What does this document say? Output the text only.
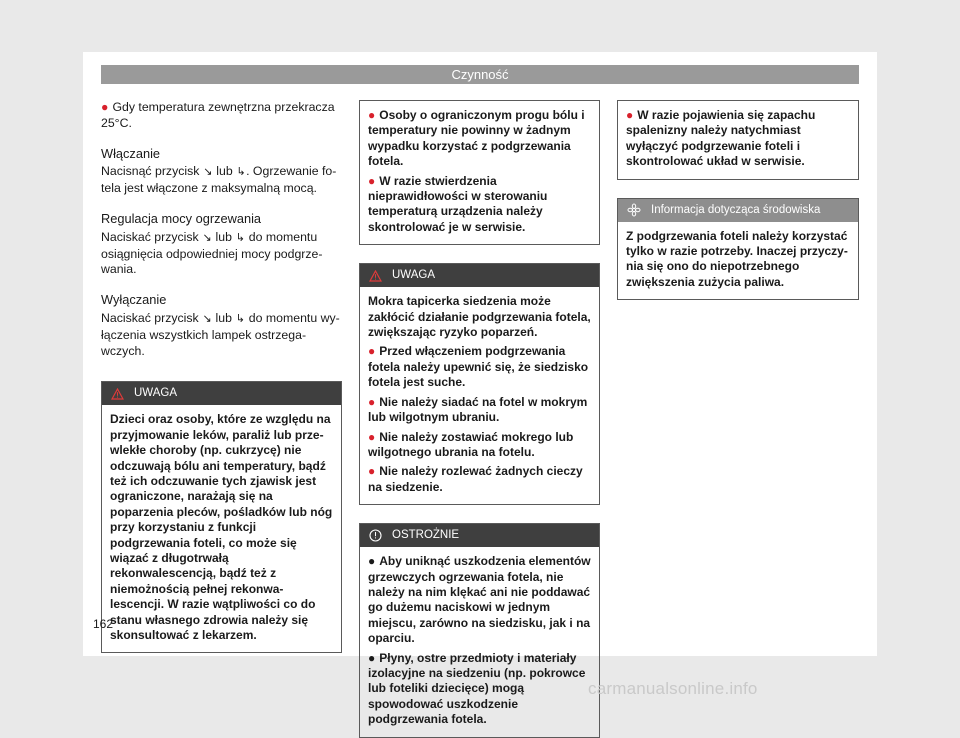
Czynność

● Gdy temperatura zewnętrzna przekracza 25°C.

Włączanie

Nacisnąć przycisk ↘ lub ↳. Ogrzewanie fotela jest włączone z maksymalną mocą.

Regulacja mocy ogrzewania

Naciskać przycisk ↘ lub ↳ do momentu osiągnięcia odpowiedniej mocy podgrzewania.

Wyłączanie

Naciskać przycisk ↘ lub ↳ do momentu wyłączenia wszystkich lampek ostrzegawczych.

UWAGA

Dzieci oraz osoby, które ze względu na przyjmowanie leków, paraliż lub przewlekłe choroby (np. cukrzycę) nie odczuwają bólu ani temperatury, bądź też ich odczuwanie tych zjawisk jest ograniczone, narażają się na poparzenia pleców, pośladków lub nóg przy korzystaniu z funkcji podgrzewania foteli, co może się wiązać z długotrwałą rekonwalescencją, bądź też z niemożnością pełnej rekonwalescencji. W razie wątpliwości co do stanu własnego zdrowia należy się skonsultować z lekarzem.

● Osoby o ograniczonym progu bólu i temperatury nie powinny w żadnym wypadku korzystać z podgrzewania fotela.

● W razie stwierdzenia nieprawidłowości w sterowaniu temperaturą urządzenia należy skontrolować je w serwisie.

UWAGA

Mokra tapicerka siedzenia może zakłócić działanie podgrzewania fotela, zwiększając ryzyko poparzeń.

● Przed włączeniem podgrzewania fotela należy upewnić się, że siedzisko fotela jest suche.

● Nie należy siadać na fotel w mokrym lub wilgotnym ubraniu.

● Nie należy zostawiać mokrego lub wilgotnego ubrania na fotelu.

● Nie należy rozlewać żadnych cieczy na siedzenie.

OSTROŻNIE

● Aby uniknąć uszkodzenia elementów grzewczych ogrzewania fotela, nie należy na nim klękać ani nie poddawać go dużemu naciskowi w jednym miejscu, zarówno na siedzisku, jak i na oparciu.

● Płyny, ostre przedmioty i materiały izolacyjne na siedzeniu (np. pokrowce lub foteliki dziecięce) mogą spowodować uszkodzenie podgrzewania fotela.

● W razie pojawienia się zapachu spalenizny należy natychmiast wyłączyć podgrzewanie foteli i skontrolować układ w serwisie.

Informacja dotycząca środowiska

Z podgrzewania foteli należy korzystać tylko w razie potrzeby. Inaczej przyczynia się ono do niepotrzebnego zwiększenia zużycia paliwa.

162
carmanualsonline.info
